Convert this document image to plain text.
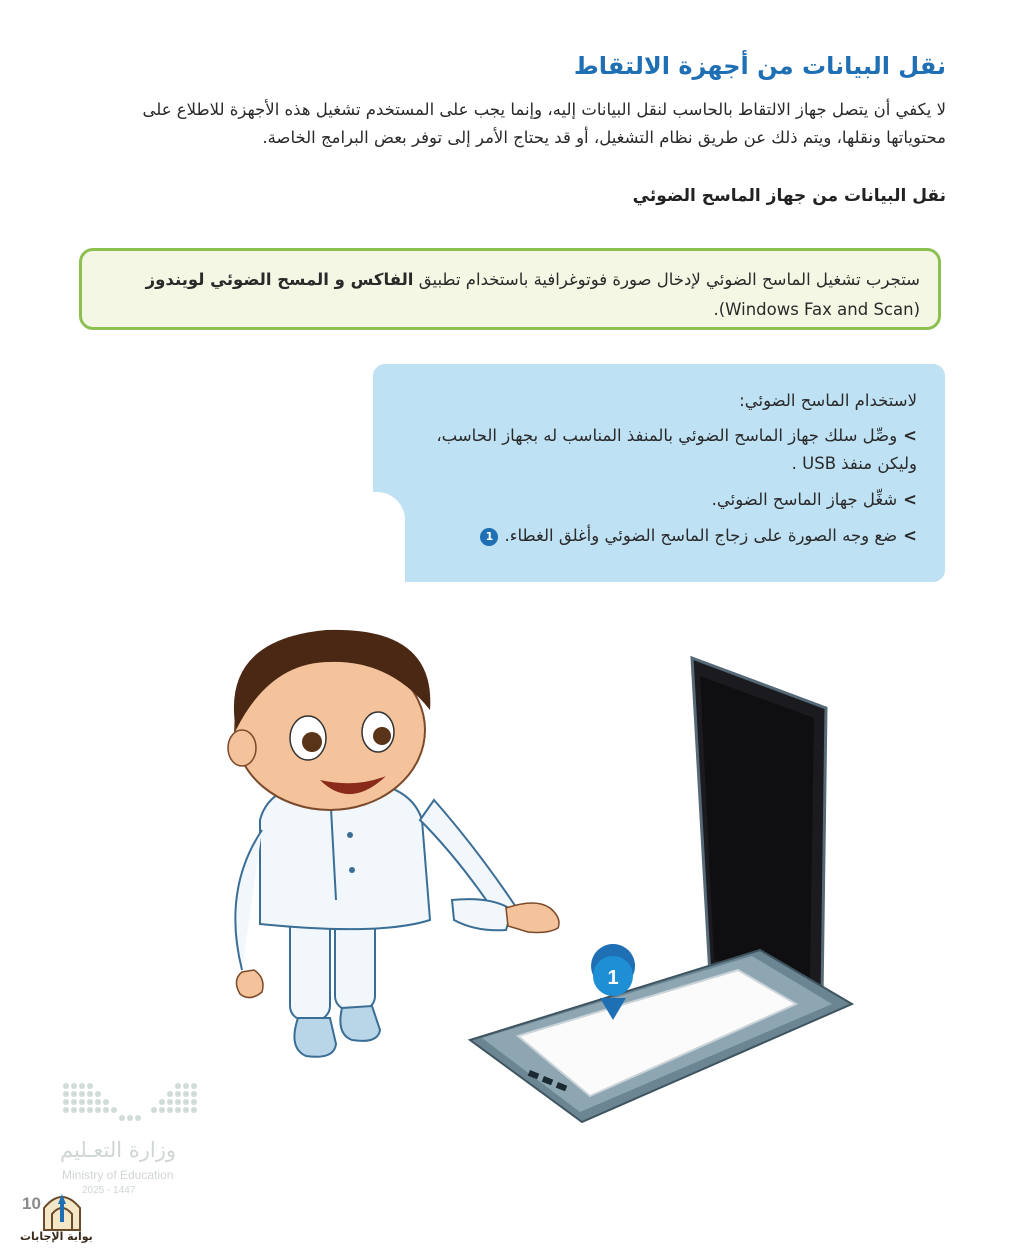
نقل البيانات من أجهزة الالتقاط
لا يكفي أن يتصل جهاز الالتقاط بالحاسب لنقل البيانات إليه، وإنما يجب على المستخدم تشغيل هذه الأجهزة للاطلاع على محتوياتها ونقلها، ويتم ذلك عن طريق نظام التشغيل، أو قد يحتاج الأمر إلى توفر بعض البرامج الخاصة.
نقل البيانات من جهاز الماسح الضوئي
ستجرب تشغيل الماسح الضوئي لإدخال صورة فوتوغرافية باستخدام تطبيق الفاكس و المسح الضوئي لويندوز (Windows Fax and Scan).
لاستخدام الماسح الضوئي:
>وصِّل سلك جهاز الماسح الضوئي بالمنفذ المناسب له بجهاز الحاسب، وليكن منفذ USB .
>شغِّل جهاز الماسح الضوئي.
>ضع وجه الصورة على زجاج الماسح الضوئي وأغلق الغطاء.1
1
وزارة التعـليم
Ministry of Education
2025 - 1447
10
بوابة الإجابات
